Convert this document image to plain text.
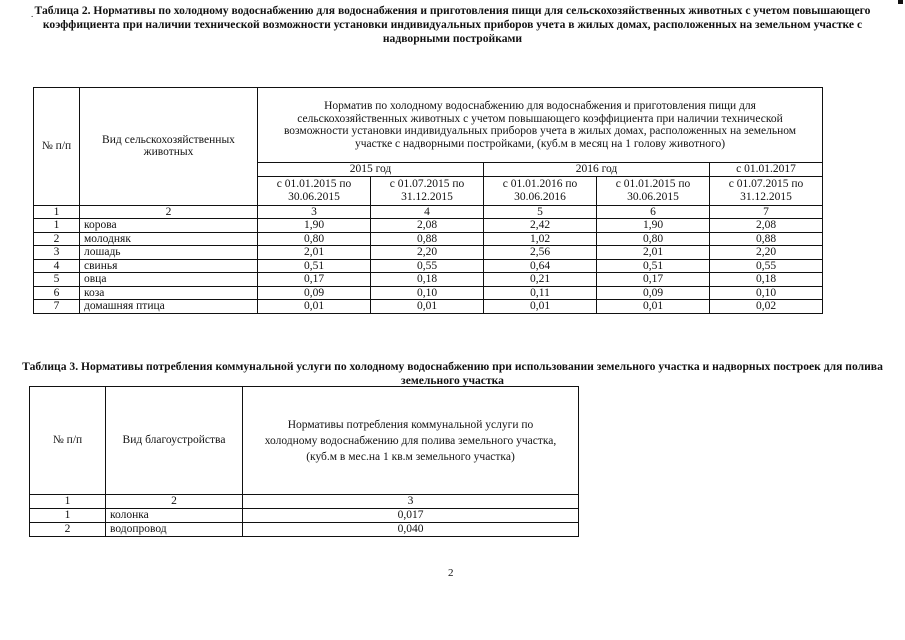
. Таблица 2. Нормативы по холодному водоснабжению для водоснабжения и приготовления пищи для сельскохозяйственных животных с учетом повышающего коэффициента при наличии технической возможности установки индивидуальных приборов учета в жилых домах, расположенных на земельном участке с надворными постройками
№ п/п	Вид сельскохозяйственных животных	Норматив по холодному водоснабжению для водоснабжения и приготовления пищи для сельскохозяйственных животных с учетом повышающего коэффициента при наличии технической возможности установки индивидуальных приборов учета в жилых домах, расположенных на земельном участке с надворными постройками, (куб.м в месяц на 1 голову животного)				
		2015 год		2016 год		с 01.01.2017
		с 01.01.2015 по 30.06.2015	с 01.07.2015 по 31.12.2015	с 01.01.2016 по 30.06.2016	с 01.01.2015 по 30.06.2015	с 01.07.2015 по 31.12.2015
1	2	3	4	5	6	7
1	корова	1,90	2,08	2,42	1,90	2,08
2	молодняк	0,80	0,88	1,02	0,80	0,88
3	лошадь	2,01	2,20	2,56	2,01	2,20
4	свинья	0,51	0,55	0,64	0,51	0,55
5	овца	0,17	0,18	0,21	0,17	0,18
6	коза	0,09	0,10	0,11	0,09	0,10
7	домашняя птица	0,01	0,01	0,01	0,01	0,02
Таблица 3. Нормативы потребления коммунальной услуги по холодному водоснабжению при использовании земельного участка и надворных построек для полива земельного участка
№ п/п	Вид благоустройства	Нормативы потребления коммунальной услуги по холодному водоснабжению для полива земельного участка, (куб.м в мес.на 1 кв.м земельного участка)
1	2	3
1	колонка	0,017
2	водопровод	0,040
2
